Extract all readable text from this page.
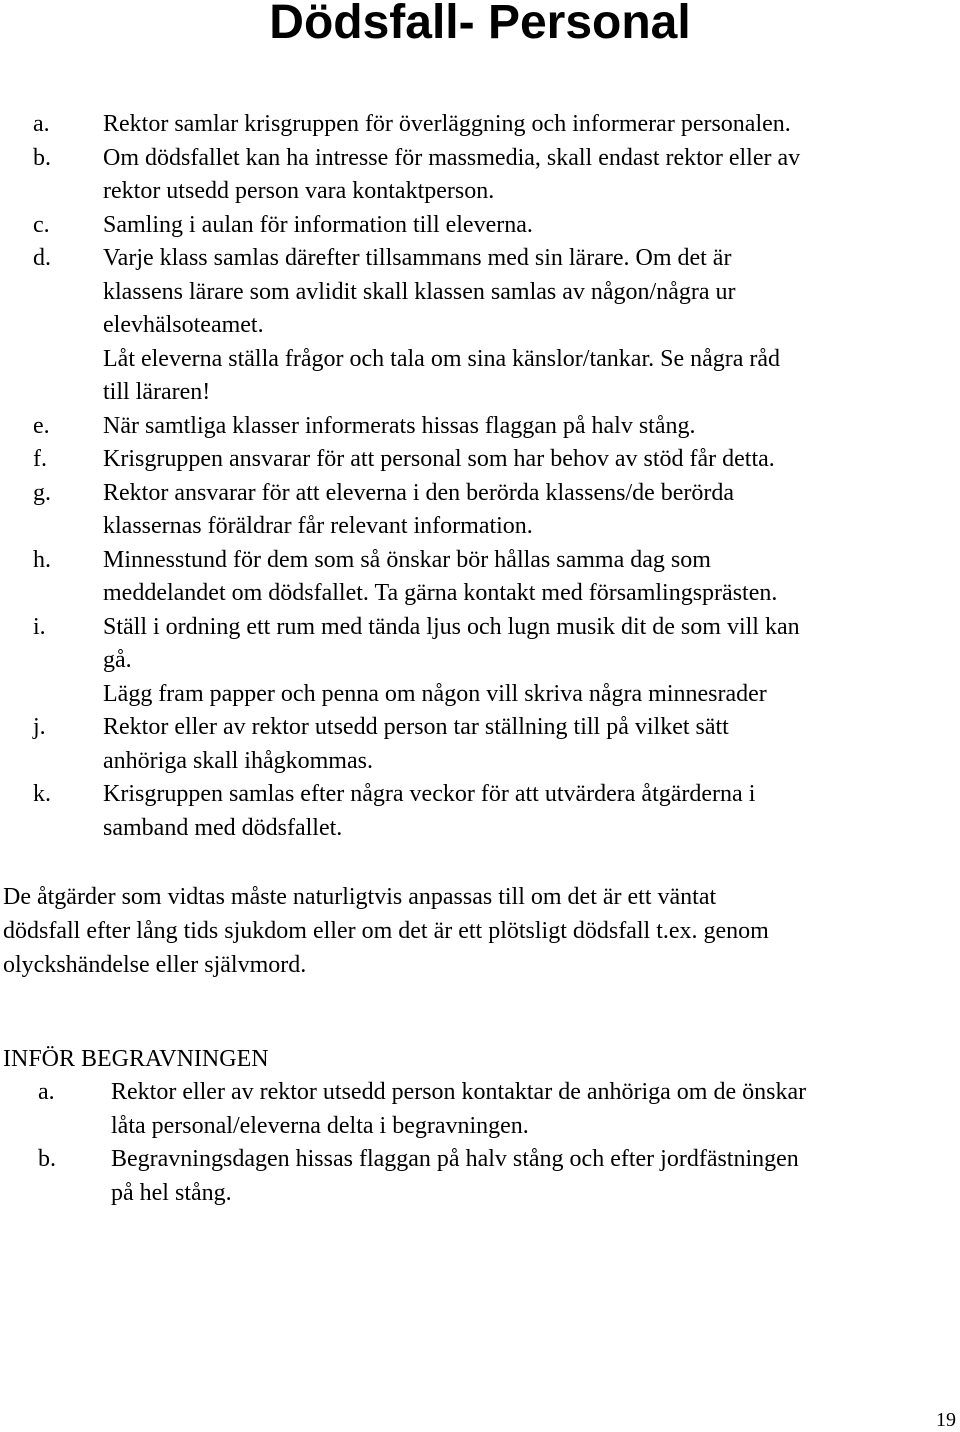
Dödsfall- Personal
a.	Rektor samlar krisgruppen för överläggning och informerar personalen.
b.	Om dödsfallet kan ha intresse för massmedia, skall endast rektor eller av
rektor utsedd person vara kontaktperson.
c.	Samling i aulan för information till eleverna.
d.	Varje klass samlas därefter tillsammans med sin lärare. Om det är
klassens lärare som avlidit skall klassen samlas av någon/några ur
elevhälsoteamet.
Låt eleverna ställa frågor och tala om sina känslor/tankar. Se några råd
till läraren!
e.	När samtliga klasser informerats hissas flaggan på halv stång.
f.	Krisgruppen ansvarar för att personal som har behov av stöd får detta.
g.	Rektor ansvarar för att eleverna i den berörda klassens/de berörda
klassernas föräldrar får relevant information.
h.	Minnesstund för dem som så önskar bör hållas samma dag som
meddelandet om dödsfallet. Ta gärna kontakt med församlingsprästen.
i.	Ställ i ordning ett rum med tända ljus och lugn musik dit de som vill kan
gå.
Lägg fram papper och penna om någon vill skriva några minnesrader
j.	Rektor eller av rektor utsedd person tar ställning till på vilket sätt
anhöriga skall ihågkommas.
k.	Krisgruppen samlas efter några veckor för att utvärdera åtgärderna i
samband med dödsfallet.
De åtgärder som vidtas måste naturligtvis anpassas till om det är ett väntat
dödsfall efter lång tids sjukdom eller om det är ett plötsligt dödsfall t.ex. genom
olyckshändelse eller självmord.
INFÖR BEGRAVNINGEN
a.	Rektor eller av rektor utsedd person kontaktar de anhöriga om de önskar
låta personal/eleverna delta i begravningen.
b.	Begravningsdagen hissas flaggan på halv stång och efter jordfästningen
på hel stång.
19
